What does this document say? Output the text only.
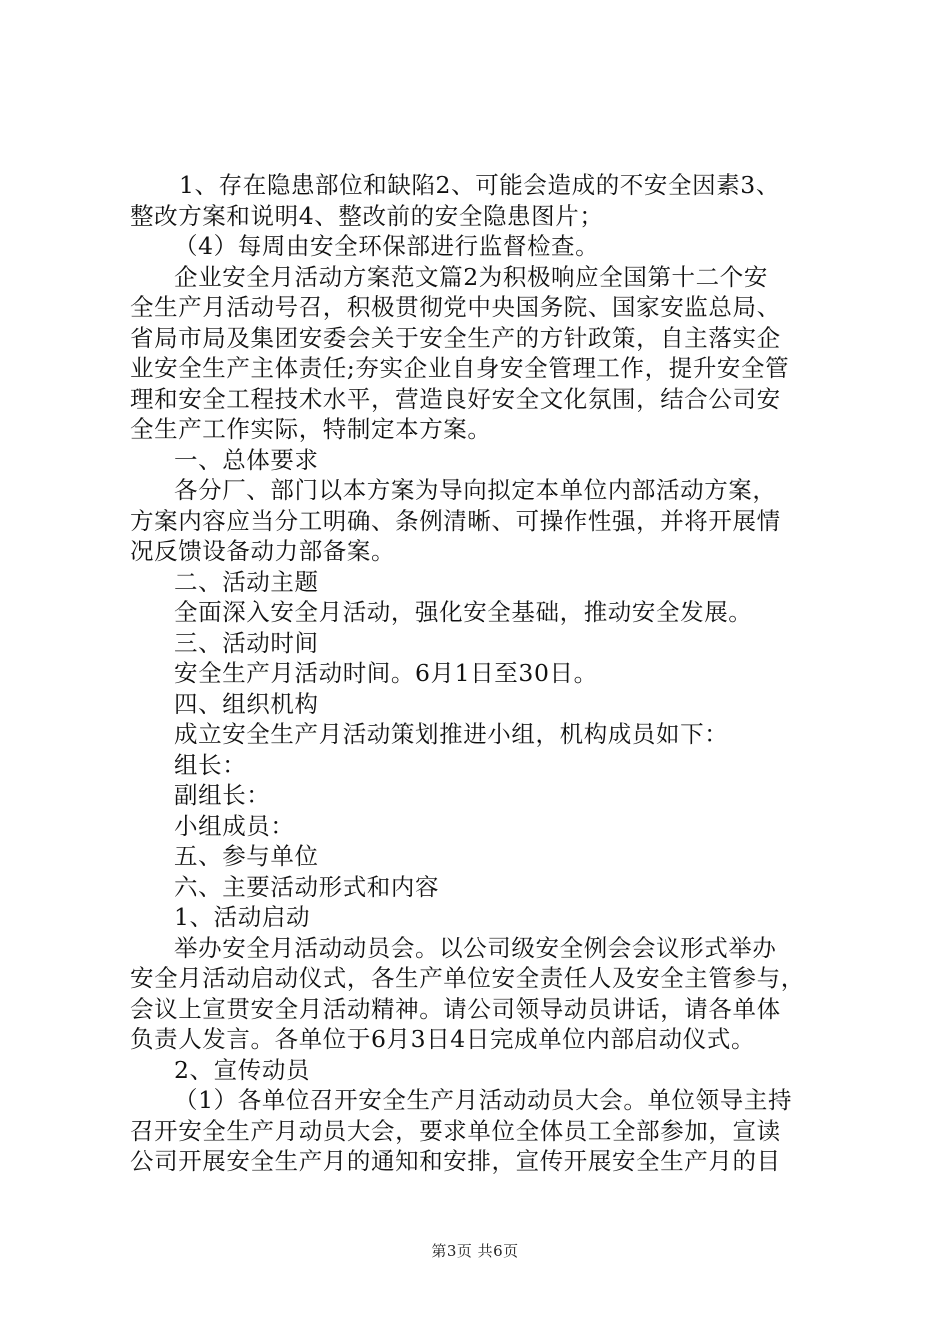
1、存在隐患部位和缺陷2、可能会造成的不安全因素3、
整改方案和说明4、整改前的安全隐患图片；
（4）每周由安全环保部进行监督检查。
企业安全月活动方案范文篇2为积极响应全国第十二个安
全生产月活动号召，积极贯彻党中央国务院、国家安监总局、
省局市局及集团安委会关于安全生产的方针政策，自主落实企
业安全生产主体责任;夯实企业自身安全管理工作，提升安全管
理和安全工程技术水平，营造良好安全文化氛围，结合公司安
全生产工作实际，特制定本方案。
一、总体要求
各分厂、部门以本方案为导向拟定本单位内部活动方案，
方案内容应当分工明确、条例清晰、可操作性强，并将开展情
况反馈设备动力部备案。
二、活动主题
全面深入安全月活动，强化安全基础，推动安全发展。
三、活动时间
安全生产月活动时间。6月1日至30日。
四、组织机构
成立安全生产月活动策划推进小组，机构成员如下：
组长：
副组长：
小组成员：
五、参与单位
六、主要活动形式和内容
1、活动启动
举办安全月活动动员会。以公司级安全例会会议形式举办
安全月活动启动仪式，各生产单位安全责任人及安全主管参与，
会议上宣贯安全月活动精神。请公司领导动员讲话，请各单体
负责人发言。各单位于6月3日4日完成单位内部启动仪式。
2、宣传动员
（1）各单位召开安全生产月活动动员大会。单位领导主持
召开安全生产月动员大会，要求单位全体员工全部参加，宣读
公司开展安全生产月的通知和安排，宣传开展安全生产月的目
第3页 共6页
